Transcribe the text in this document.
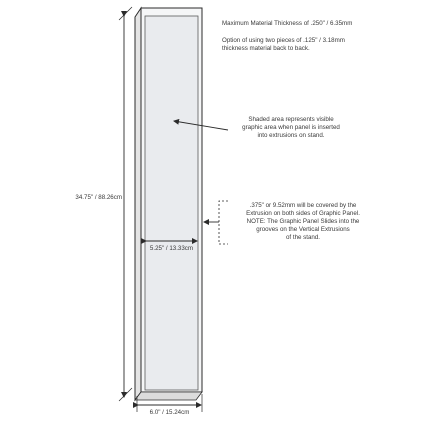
Maximum Material Thickness of .250" / 6.35mm
Option of using two pieces of .125" / 3.18mm
thickness material back to back.
Shaded area represents visible
graphic area when panel is inserted
into extrusions on stand.
.375" or 9.52mm will be covered by the
Extrusion on both sides of Graphic Panel.
NOTE: The Graphic Panel Slides into the
grooves on the Vertical Extrusions
of the stand.
34.75" / 88.26cm
5.25" / 13.33cm
6.0" / 15.24cm
